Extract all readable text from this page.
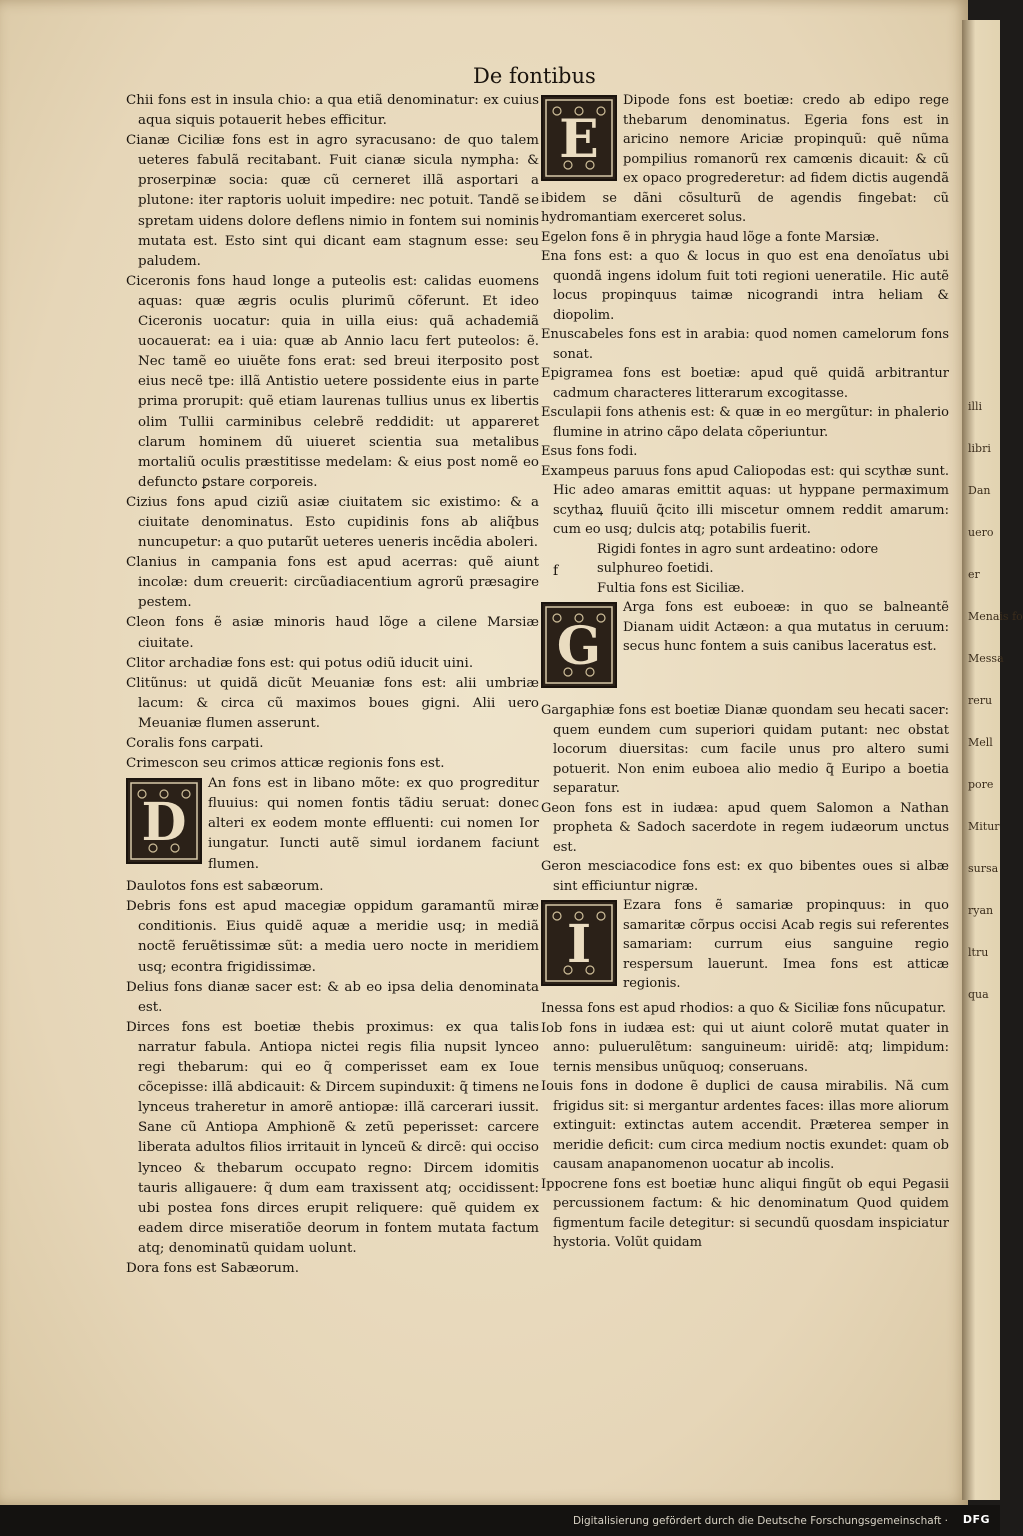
De fontibus

Chii fons est in insula chio: a qua etiã denominatur: ex cuius aqua siquis potauerit hebes efficitur.

Cianæ Ciciliæ fons est in agro syracusano: de quo talem ueteres fabulã recitabant. Fuit cianæ sicula nympha: & proserpinæ socia: quæ cũ cerneret illã asportari a plutone: iter raptoris uoluit impedire: nec potuit. Tandẽ se spretam uidens dolore deflens nimio in fontem sui nominis mutata est. Esto sint qui dicant eam stagnum esse: seu paludem.

Ciceronis fons haud longe a puteolis est: calidas euomens aquas: quæ ægris oculis plurimũ cõferunt. Et ideo Ciceronis uocatur: quia in uilla eius: quã achademiã uocauerat: ea i uia: quæ ab Annio lacu fert puteolos: ẽ. Nec tamẽ eo uiuẽte fons erat: sed breui iterposito post eius necẽ tpe: illã Antistio uetere possidente eius in parte prima prorupit: quẽ etiam laurenas tullius unus ex libertis olim Tullii carminibus celebrẽ reddidit: ut appareret clarum hominem dũ uiueret scientia sua metalibus mortaliũ oculis præstitisse medelam: & eius post nomẽ eo defuncto ꝑstare corporeis.

Cizius fons apud ciziũ asiæ ciuitatem sic existimo: & a ciuitate denominatus. Esto cupidinis fons ab aliq̃bus nuncupetur: a quo putarũt ueteres ueneris incẽdia aboleri.

Clanius in campania fons est apud acerras: quẽ aiunt incolæ: dum creuerit: circũadiacentium agrorũ præsagire pestem.

Cleon fons ẽ asiæ minoris haud lõge a cilene Marsiæ ciuitate.

Clitor archadiæ fons est: qui potus odiũ iducit uini.

Clitũnus: ut quidã dicũt Meuaniæ fons est: alii umbriæ lacum: & circa cũ maximos boues gigni. Alii uero Meuaniæ flumen asserunt.

Coralis fons carpati.

Crimescon seu crimos atticæ regionis fons est.

D
An fons est in libano mõte: ex quo progreditur fluuius: qui nomen fontis tãdiu seruat: donec alteri ex eodem monte effluenti: cui nomen Ior iungatur. Iuncti autẽ simul iordanem faciunt flumen.

Daulotos fons est sabæorum.

Debris fons est apud macegiæ oppidum garamantũ miræ conditionis. Eius quidẽ aquæ a meridie usq; in mediã noctẽ feruẽtissimæ sũt: a media uero nocte in meridiem usq; econtra frigidissimæ.

Delius fons dianæ sacer est: & ab eo ipsa delia denominata est.

Dirces fons est boetiæ thebis proximus: ex qua talis narratur fabula. Antiopa nictei regis filia nupsit lynceo regi thebarum: qui eo q̃ comperisset eam ex Ioue cõcepisse: illã abdicauit: & Dircem supinduxit: q̃ timens ne lynceus traheretur in amorẽ antiopæ: illã carcerari iussit. Sane cũ Antiopa Amphionẽ & zetũ peperisset: carcere liberata adultos filios irritauit in lynceũ & dircẽ: qui occiso lynceo & thebarum occupato regno: Dircem idomitis tauris alligauere: q̃ dum eam traxissent atq; occidissent: ubi postea fons dirces erupit reliquere: quẽ quidem ex eadem dirce miseratiõe deorum in fontem mutata factum atq; denominatũ quidam uolunt.

Dora fons est Sabæorum.

E
Dipode fons est boetiæ: credo ab edipo rege thebarum denominatus. Egeria fons est in aricino nemore Ariciæ propinquũ: quẽ nũma pompilius romanorũ rex camœnis dicauit: & cũ ex opaco progrederetur: ad fidem dictis augendã ibidem se dãni cõsulturũ de agendis fingebat: cũ hydromantiam exerceret solus.

Egelon fons ẽ in phrygia haud lõge a fonte Marsiæ.

Ena fons est: a quo & locus in quo est ena denoĩatus ubi quondã ingens idolum fuit toti regioni ueneratile. Hic autẽ locus propinquus taimæ nicograndi intra heliam & diopolim.

Enuscabeles fons est in arabia: quod nomen camelorum fons sonat.

Epigramea fons est boetiæ: apud quẽ quidã arbitrantur cadmum characteres litterarum excogitasse.

Esculapii fons athenis est: & quæ in eo mergũtur: in phalerio flumine in atrino cãpo delata cõperiuntur.

Esus fons fodi.

Exampeus paruus fons apud Caliopodas est: qui scythæ sunt. Hic adeo amaras emittit aquas: ut hyppane permaximum scythaꝝ fluuiũ q̃cito illi miscetur omnem reddit amarum: cum eo usq; dulcis atq; potabilis fuerit.

f
Rigidi fontes in agro sunt ardeatino: odore
sulphureo foetidi.
Fultia fons est Siciliæ.

G
Arga fons est euboeæ: in quo se balneantẽ Dianam uidit Actæon: a qua mutatus in ceruum: secus hunc fontem a suis canibus laceratus est.

Gargaphiæ fons est boetiæ Dianæ quondam seu hecati sacer: quem eundem cum superiori quidam putant: nec obstat locorum diuersitas: cum facile unus pro altero sumi potuerit. Non enim euboea alio medio q̃ Euripo a boetia separatur.

Geon fons est in iudæa: apud quem Salomon a Nathan propheta & Sadoch sacerdote in regem iudæorum unctus est.

Geron mesciacodice fons est: ex quo bibentes oues si albæ sint efficiuntur nigræ.

I
Ezara fons ẽ samariæ propinquus: in quo samaritæ cõrpus occisi Acab regis sui referentes samariam: currum eius sanguine regio respersum lauerunt. Imea fons est atticæ regionis.

Inessa fons est apud rhodios: a quo & Siciliæ fons nũcupatur.

Iob fons in iudæa est: qui ut aiunt colorẽ mutat quater in anno: puluerulẽtum: sanguineum: uiridẽ: atq; limpidum: ternis mensibus unũquoq; conseruans.

Iouis fons in dodone ẽ duplici de causa mirabilis. Nã cum frigidus sit: si mergantur ardentes faces: illas more aliorum extinguit: extinctas autem accendit. Præterea semper in meridie deficit: cum circa medium noctis exundet: quam ob causam anapanomenon uocatur ab incolis.

Ippocrene fons est boetiæ hunc aliqui fingũt ob equi Pegasii percussionem factum: & hic denominatum Quod quidem figmentum facile detegitur: si secundũ quosdam inspiciatur hystoria. Volũt quidam

illi
libri
Dan
uero
er
Menais fo
Messa
reru
Mell
pore
Mitur
sursa
ryan
ltru
qua
Digitalisierung gefördert durch die Deutsche Forschungsgemeinschaft · DFG
